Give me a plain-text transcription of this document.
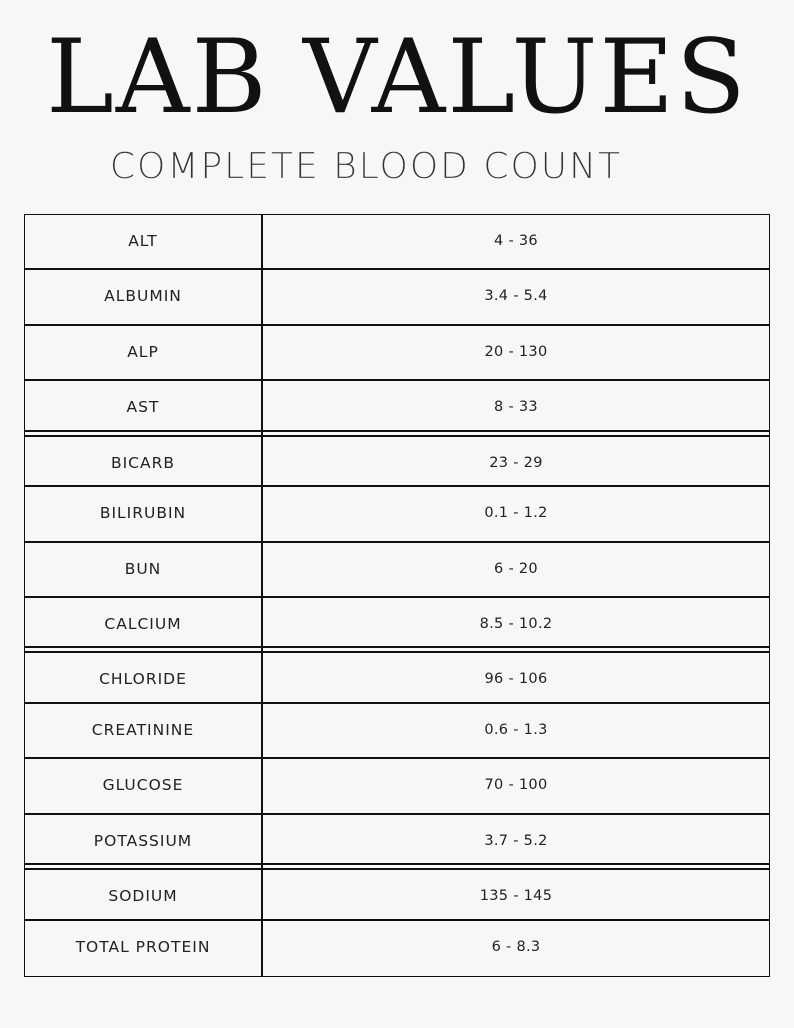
LAB VALUES
COMPLETE BLOOD COUNT
ALT	4 - 36
ALBUMIN	3.4 - 5.4
ALP	20 - 130
AST	8 - 33
BICARB	23 - 29
BILIRUBIN	0.1 - 1.2
BUN	6 - 20
CALCIUM	8.5 - 10.2
CHLORIDE	96 - 106
CREATININE	0.6 - 1.3
GLUCOSE	70 - 100
POTASSIUM	3.7 - 5.2
SODIUM	135 - 145
TOTAL PROTEIN	6 - 8.3
